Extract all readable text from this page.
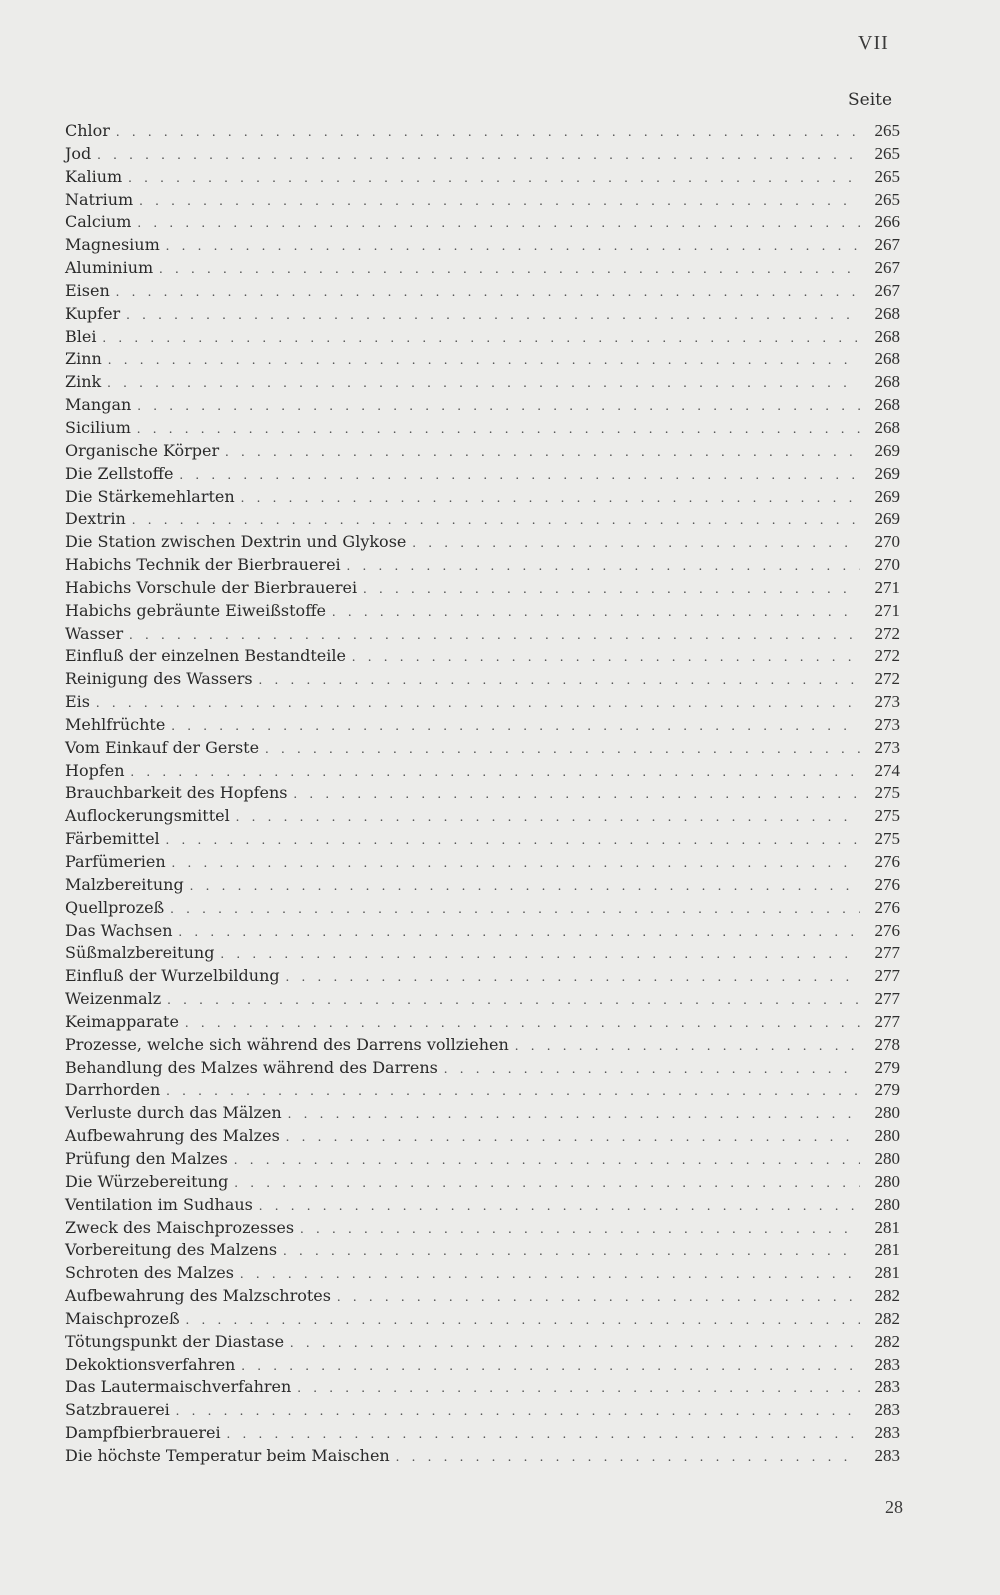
VII
Seite
Chlor . . .	265
Jod . . .	265
Kalium . . .	265
Natrium . . .	265
Calcium . . .	266
Magnesium . . .	267
Aluminium . . .	267
Eisen . . .	267
Kupfer . . .	268
Blei . . .	268
Zinn . . .	268
Zink . . .	268
Mangan . . .	268
Sicilium . . .	268
Organische Körper . . .	269
Die Zellstoffe . . .	269
Die Stärkemehlarten . . .	269
Dextrin . . .	269
Die Station zwischen Dextrin und Glykose . . .	270
Habichs Technik der Bierbrauerei . . .	270
Habichs Vorschule der Bierbrauerei . . .	271
Habichs gebräunte Eiweißstoffe . . .	271
Wasser . . .	272
Einfluß der einzelnen Bestandteile . . .	272
Reinigung des Wassers . . .	272
Eis . . .	273
Mehlfrüchte . . .	273
Vom Einkauf der Gerste . . .	273
Hopfen . . .	274
Brauchbarkeit des Hopfens . . .	275
Auflockerungsmittel . . .	275
Färbemittel . . .	275
Parfümerien . . .	276
Malzbereitung . . .	276
Quellprozeß . . .	276
Das Wachsen . . .	276
Süßmalzbereitung . . .	277
Einfluß der Wurzelbildung . . .	277
Weizenmalz . . .	277
Keimapparate . . .	277
Prozesse, welche sich während des Darrens vollziehen . . .	278
Behandlung des Malzes während des Darrens . . .	279
Darrhorden . . .	279
Verluste durch das Mälzen . . .	280
Aufbewahrung des Malzes . . .	280
Prüfung den Malzes . . .	280
Die Würzebereitung . . .	280
Ventilation im Sudhaus . . .	280
Zweck des Maischprozesses . . .	281
Vorbereitung des Malzens . . .	281
Schroten des Malzes . . .	281
Aufbewahrung des Malzschrotes . . .	282
Maischprozeß . . .	282
Tötungspunkt der Diastase . . .	282
Dekoktionsverfahren . . .	283
Das Lautermaischverfahren . . .	283
Satzbrauerei . . .	283
Dampfbierbrauerei . . .	283
Die höchste Temperatur beim Maischen . . .	283
28
